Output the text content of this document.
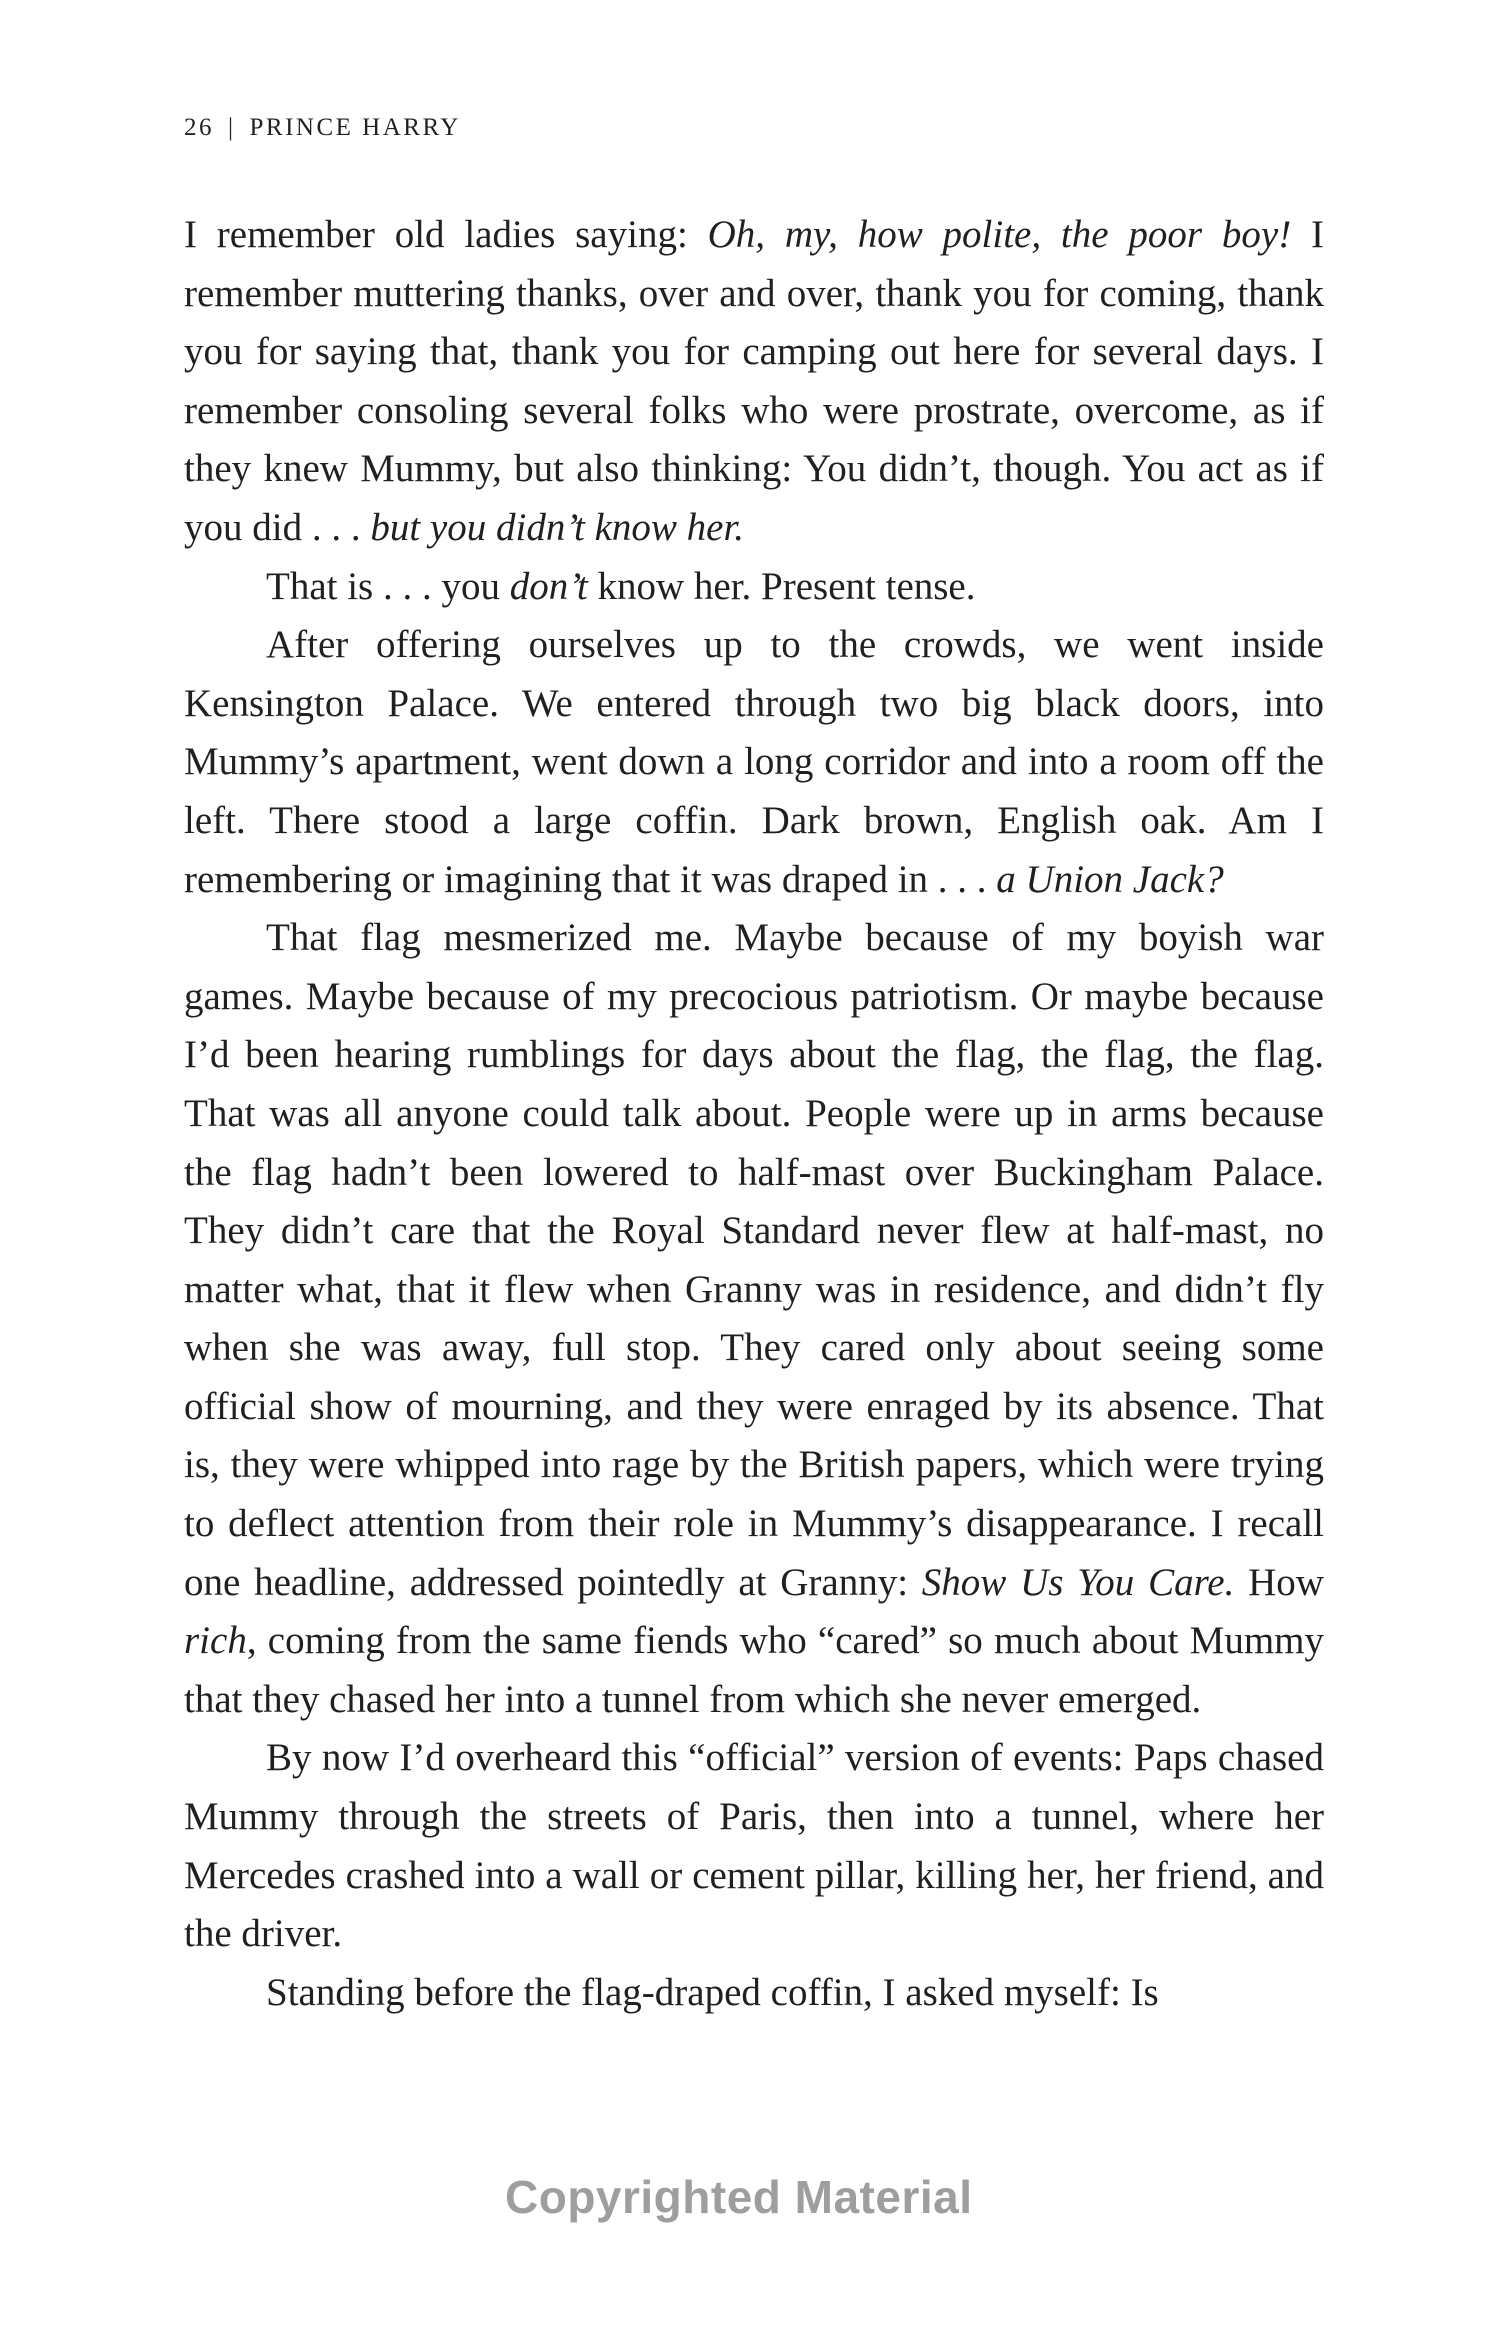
26 | PRINCE HARRY

I remember old ladies saying: Oh, my, how polite, the poor boy! I remember muttering thanks, over and over, thank you for coming, thank you for saying that, thank you for camping out here for several days. I remember consoling several folks who were prostrate, overcome, as if they knew Mummy, but also thinking: You didn’t, though. You act as if you did . . . but you didn’t know her.

That is . . . you don’t know her. Present tense.

After offering ourselves up to the crowds, we went inside Kensington Palace. We entered through two big black doors, into Mummy’s apartment, went down a long corridor and into a room off the left. There stood a large coffin. Dark brown, English oak. Am I remembering or imagining that it was draped in . . . a Union Jack?

That flag mesmerized me. Maybe because of my boyish war games. Maybe because of my precocious patriotism. Or maybe because I’d been hearing rumblings for days about the flag, the flag, the flag. That was all anyone could talk about. People were up in arms because the flag hadn’t been lowered to half-mast over Buckingham Palace. They didn’t care that the Royal Standard never flew at half-mast, no matter what, that it flew when Granny was in residence, and didn’t fly when she was away, full stop. They cared only about seeing some official show of mourning, and they were enraged by its absence. That is, they were whipped into rage by the British papers, which were trying to deflect attention from their role in Mummy’s disappearance. I recall one headline, addressed pointedly at Granny: Show Us You Care. How rich, coming from the same fiends who “cared” so much about Mummy that they chased her into a tunnel from which she never emerged.

By now I’d overheard this “official” version of events: Paps chased Mummy through the streets of Paris, then into a tunnel, where her Mercedes crashed into a wall or cement pillar, killing her, her friend, and the driver.

Standing before the flag-draped coffin, I asked myself: Is

Copyrighted Material
